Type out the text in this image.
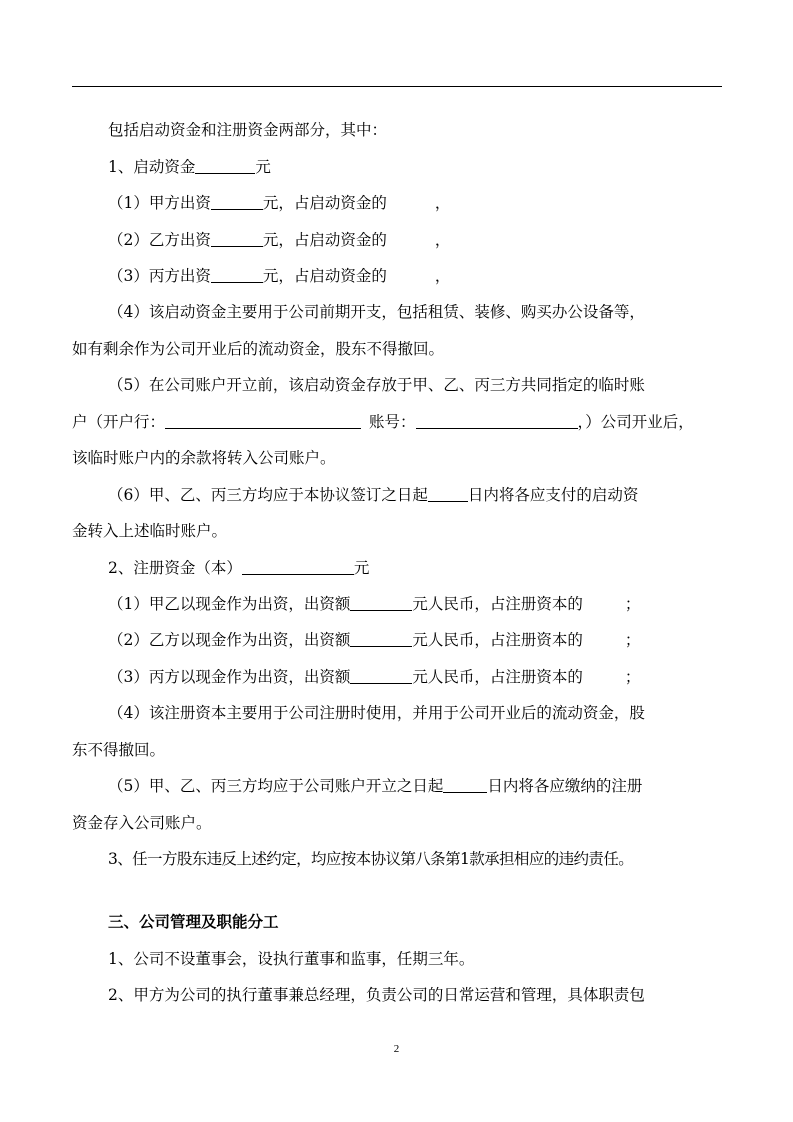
包括启动资金和注册资金两部分，其中：
1、启动资金	元
（1）甲方出资	元，占启动资金的	，
（2）乙方出资	元，占启动资金的	，
（3）丙方出资	元，占启动资金的	，
（4）该启动资金主要用于公司前期开支，包括租赁、装修、购买办公设备等，
如有剩余作为公司开业后的流动资金，股东不得撤回。
（5）在公司账户开立前，该启动资金存放于甲、乙、丙三方共同指定的临时账
户（开户行：	账号：	，）公司开业后，
该临时账户内的余款将转入公司账户。
（6）甲、乙、丙三方均应于本协议签订之日起	日内将各应支付的启动资
金转入上述临时账户。
2、注册资金（本）	元
（1）甲乙以现金作为出资，出资额	元人民币，占注册资本的	；
（2）乙方以现金作为出资，出资额	元人民币，占注册资本的	；
（3）丙方以现金作为出资，出资额	元人民币，占注册资本的	；
（4）该注册资本主要用于公司注册时使用，并用于公司开业后的流动资金，股
东不得撤回。
（5）甲、乙、丙三方均应于公司账户开立之日起	日内将各应缴纳的注册
资金存入公司账户。
3、任一方股东违反上述约定，均应按本协议第八条第1款承担相应的违约责任。
三、公司管理及职能分工
1、公司不设董事会，设执行董事和监事，任期三年。
2、甲方为公司的执行董事兼总经理，负责公司的日常运营和管理，具体职责包
2
